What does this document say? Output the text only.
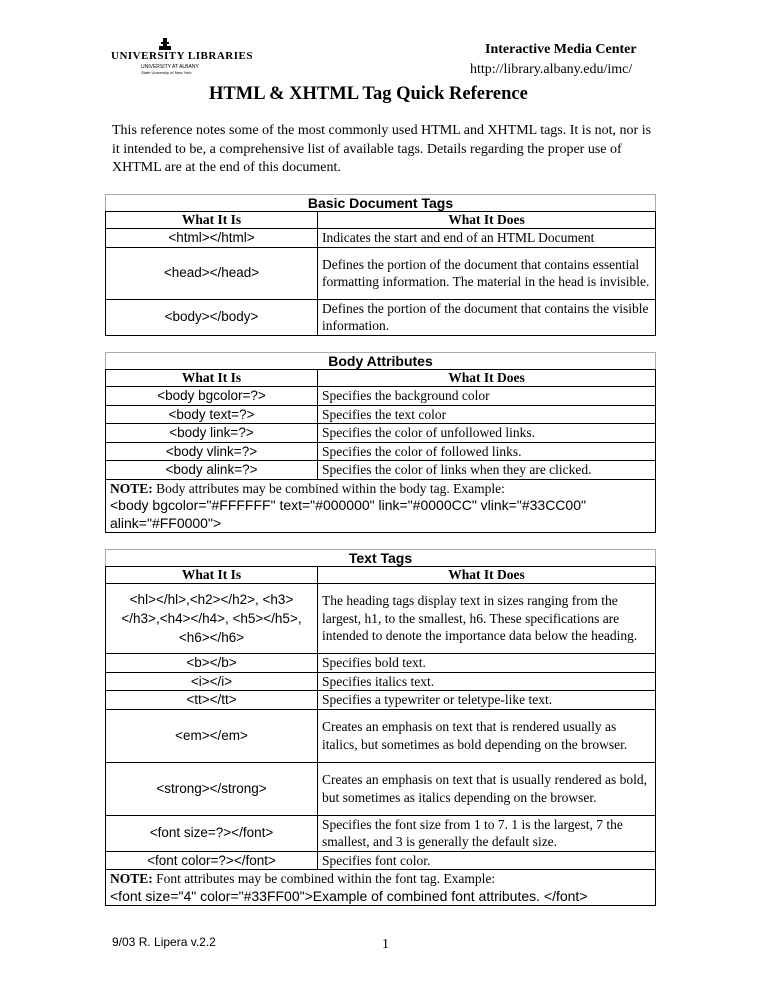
UNIVERSITY LIBRARIES
UNIVERSITY AT ALBANY
State University of New York
Interactive Media Center
http://library.albany.edu/imc/
HTML & XHTML Tag Quick Reference
This reference notes some of the most commonly used HTML and XHTML tags. It is not, nor is it intended to be, a comprehensive list of available tags. Details regarding the proper use of XHTML are at the end of this document.
Basic Document Tags	
What It Is	What It Does
<html></html>	Indicates the start and end of an HTML Document
<head></head>	Defines the portion of the document that contains essential formatting information. The material in the head is invisible.
<body></body>	Defines the portion of the document that contains the visible information.
Body Attributes	
What It Is	What It Does
<body bgcolor=?>	Specifies the background color
<body text=?>	Specifies the text color
<body link=?>	Specifies the color of unfollowed links.
<body vlink=?>	Specifies the color of followed links.
<body alink=?>	Specifies the color of links when they are clicked.
NOTE: Body attributes may be combined within the body tag. Example:
<body bgcolor="#FFFFFF" text="#000000" link="#0000CC" vlink="#33CC00" alink="#FF0000">	
Text Tags	
What It Is	What It Does
<hl></hl>,<h2></h2>, <h3></h3>,<h4></h4>, <h5></h5>,<h6></h6>	The heading tags display text in sizes ranging from the largest, h1, to the smallest, h6. These specifications are intended to denote the importance data below the heading.
<b></b>	Specifies bold text.
<i></i>	Specifies italics text.
<tt></tt>	Specifies a typewriter or teletype-like text.
<em></em>	Creates an emphasis on text that is rendered usually as italics, but sometimes as bold depending on the browser.
<strong></strong>	Creates an emphasis on text that is usually rendered as bold, but sometimes as italics depending on the browser.
<font size=?></font>	Specifies the font size from 1 to 7. 1 is the largest, 7 the smallest, and 3 is generally the default size.
<font color=?></font>	Specifies font color.
NOTE: Font attributes may be combined within the font tag. Example:
<font size="4" color="#33FF00">Example of combined font attributes. </font>	
9/03 R. Lipera v.2.2	1
